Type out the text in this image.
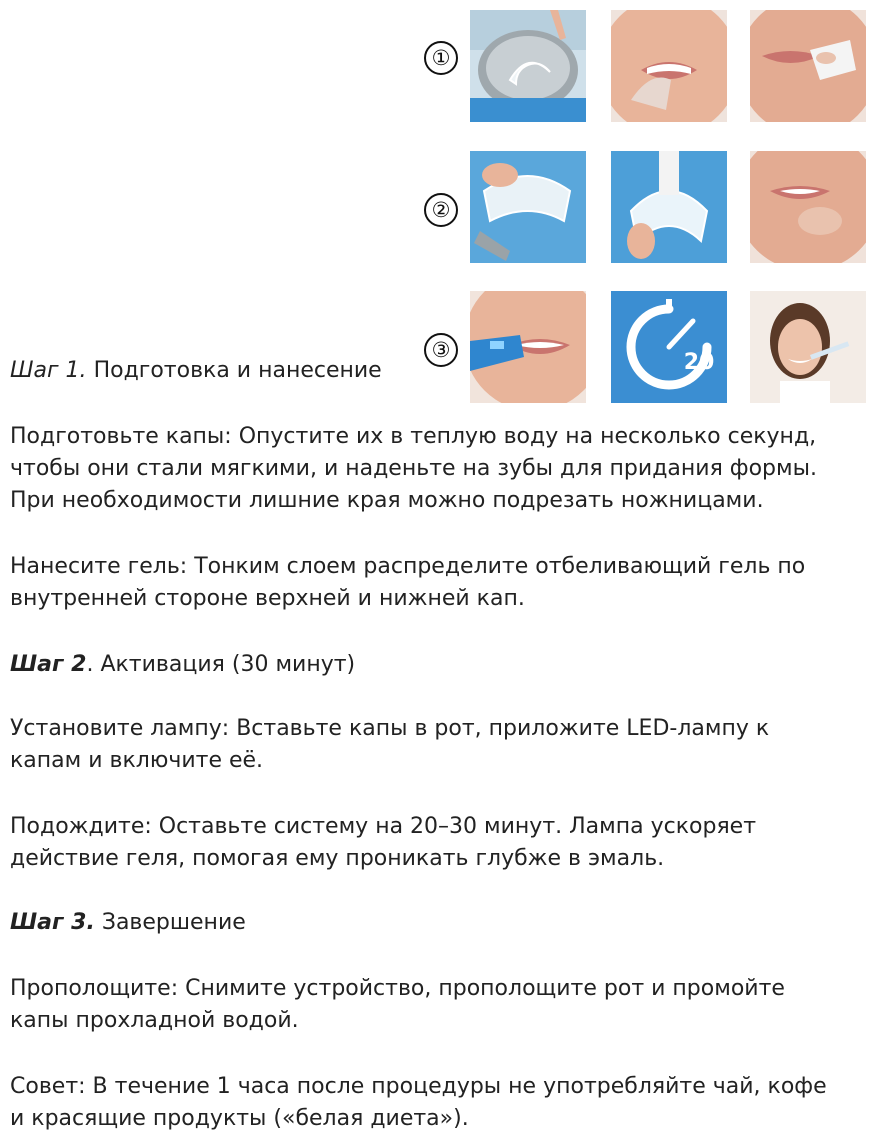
①
②
③	20
Шаг 1. Подготовка и нанесение
Подготовьте капы: Опустите их в теплую воду на несколько секунд,
чтобы они стали мягкими, и наденьте на зубы для придания формы.
При необходимости лишние края можно подрезать ножницами.
Нанесите гель: Тонким слоем распределите отбеливающий гель по
внутренней стороне верхней и нижней кап.
Шаг 2. Активация (30 минут)
Установите лампу: Вставьте капы в рот, приложите LED-лампу к
капам и включите её.
Подождите: Оставьте систему на 20–30 минут. Лампа ускоряет
действие геля, помогая ему проникать глубже в эмаль.
Шаг 3. Завершение
Прополощите: Снимите устройство, прополощите рот и промойте
капы прохладной водой.
Совет: В течение 1 часа после процедуры не употребляйте чай, кофе
и красящие продукты («белая диета»).
